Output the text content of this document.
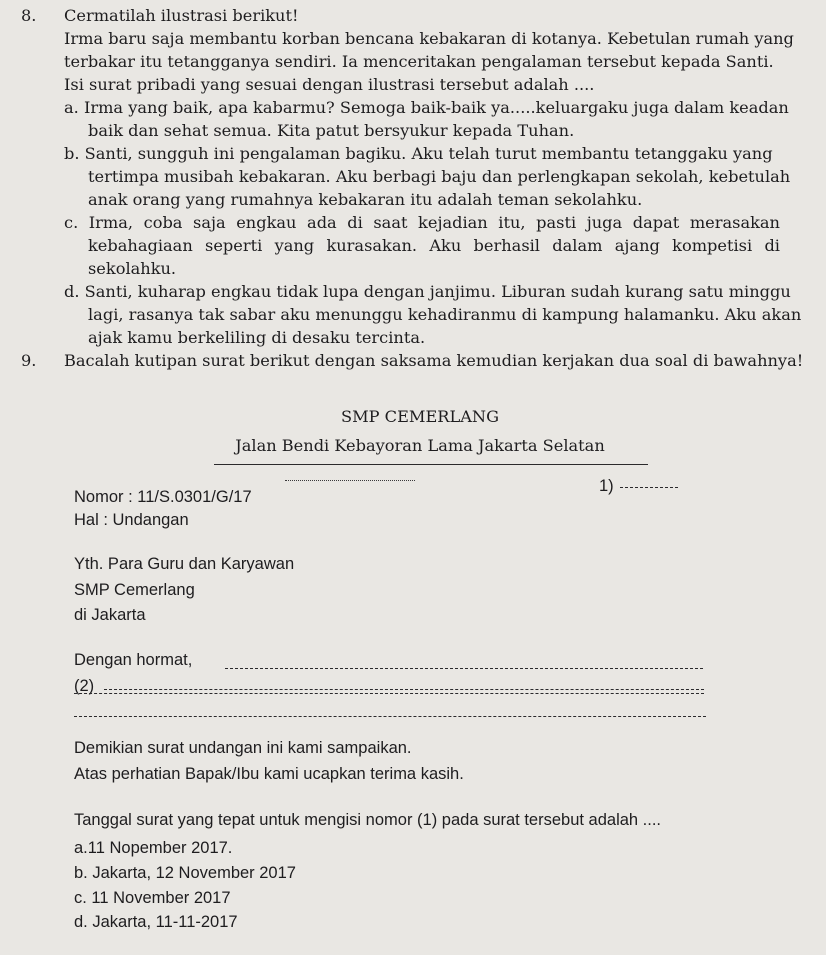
8. Cermatilah ilustrasi berikut!
Irma baru saja membantu korban bencana kebakaran di kotanya. Kebetulan rumah yang
terbakar itu tetangganya sendiri. Ia menceritakan pengalaman tersebut kepada Santi.
Isi surat pribadi yang sesuai dengan ilustrasi tersebut adalah ....
a. Irma yang baik, apa kabarmu? Semoga baik-baik ya.....keluargaku juga dalam keadan
baik dan sehat semua. Kita patut bersyukur kepada Tuhan.
b. Santi, sungguh ini pengalaman bagiku. Aku telah turut membantu tetanggaku yang
tertimpa musibah kebakaran. Aku berbagi baju dan perlengkapan sekolah, kebetulah
anak orang yang rumahnya kebakaran itu adalah teman sekolahku.
c. Irma, coba saja engkau ada di saat kejadian itu, pasti juga dapat merasakan
kebahagiaan seperti yang kurasakan. Aku berhasil dalam ajang kompetisi di
sekolahku.
d. Santi, kuharap engkau tidak lupa dengan janjimu. Liburan sudah kurang satu minggu
lagi, rasanya tak sabar aku menunggu kehadiranmu di kampung halamanku. Aku akan
ajak kamu berkeliling di desaku tercinta.
9. Bacalah kutipan surat berikut dengan saksama kemudian kerjakan dua soal di bawahnya!
SMP CEMERLANG
Jalan Bendi Kebayoran Lama Jakarta Selatan
Nomor : 11/S.0301/G/17
1)
Hal : Undangan
Yth. Para Guru dan Karyawan
SMP Cemerlang
di Jakarta
Dengan hormat,
(2)
Demikian surat undangan ini kami sampaikan.
Atas perhatian Bapak/Ibu kami ucapkan terima kasih.
Tanggal surat yang tepat untuk mengisi nomor (1) pada surat tersebut adalah ....
a.11 Nopember 2017.
b. Jakarta, 12 November 2017
c. 11 November 2017
d. Jakarta, 11-11-2017
